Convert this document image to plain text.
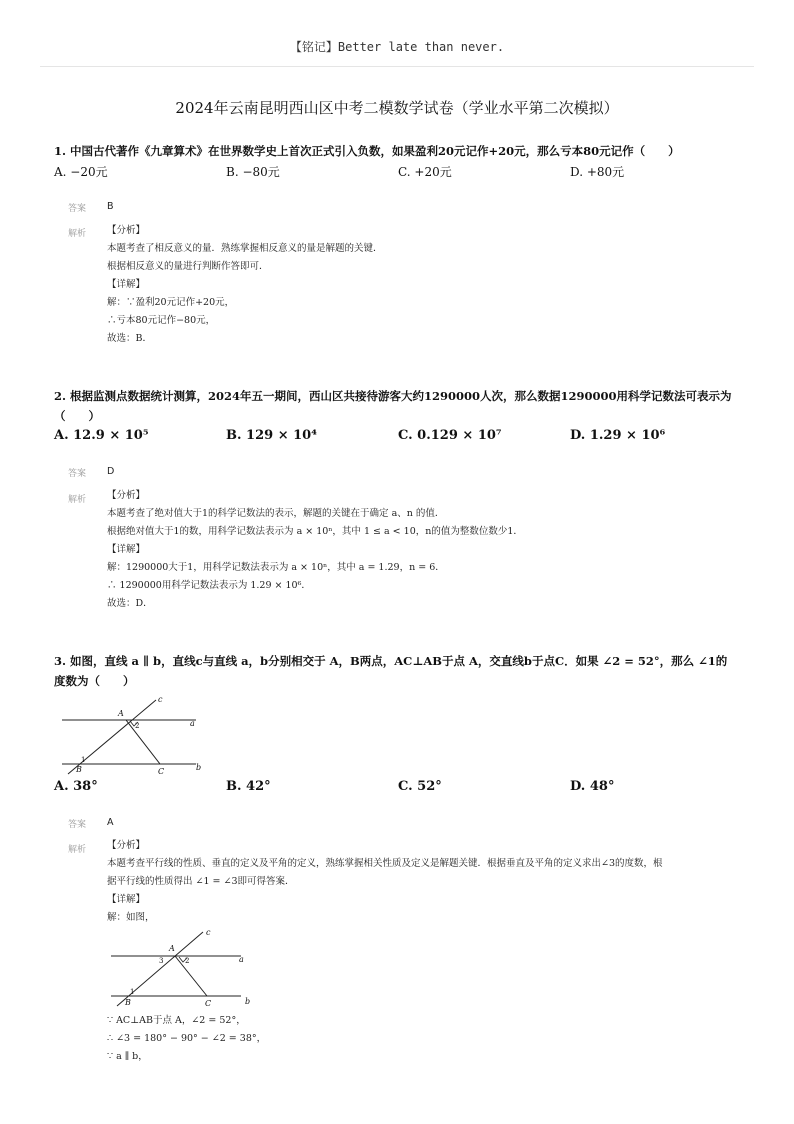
【铭记】Better late than never.
2024年云南昆明西山区中考二模数学试卷（学业水平第二次模拟）
1. 中国古代著作《九章算术》在世界数学史上首次正式引入负数，如果盈利20元记作+20元，那么亏本80元记作（　　）
A. −20元	B. −80元	C. +20元	D. +80元
答案 B
解析 【分析】
本题考查了相反意义的量．熟练掌握相反意义的量是解题的关键．
根据相反意义的量进行判断作答即可．
【详解】
解：∵盈利20元记作+20元，
∴亏本80元记作−80元，
故选：B．
2. 根据监测点数据统计测算，2024年五一期间，西山区共接待游客大约1290000人次，那么数据1290000用科学记数法可表示为
（　　）
A. 12.9 × 10⁵	B. 129 × 10⁴	C. 0.129 × 10⁷	D. 1.29 × 10⁶
答案 D
解析 【分析】
本题考查了绝对值大于1的科学记数法的表示，解题的关键在于确定 a、n 的值．
根据绝对值大于1的数，用科学记数法表示为 a × 10ⁿ，其中 1 ≤ a < 10，n的值为整数位数少1．
【详解】
解：1290000大于1，用科学记数法表示为 a × 10ⁿ，其中 a = 1.29，n = 6．
∴ 1290000用科学记数法表示为 1.29 × 10⁶．
故选：D．
3. 如图，直线 a ∥ b，直线c与直线 a，b分别相交于 A，B两点，AC⊥AB于点 A，交直线b于点C．如果 ∠2 = 52°，那么 ∠1的
度数为（　　）
A
B	C
a
b
c
1
2
A. 38°	B. 42°	C. 52°	D. 48°
答案 A
解析 【分析】
本题考查平行线的性质、垂直的定义及平角的定义，熟练掌握相关性质及定义是解题关键．根据垂直及平角的定义求出∠3的度数，根
据平行线的性质得出 ∠1 = ∠3即可得答案．
【详解】
解：如图，
A
B	C
a
b
c
1
2
3
∵ AC⊥AB于点 A，∠2 = 52°，
∴ ∠3 = 180° − 90° − ∠2 = 38°，
∵ a ∥ b，
